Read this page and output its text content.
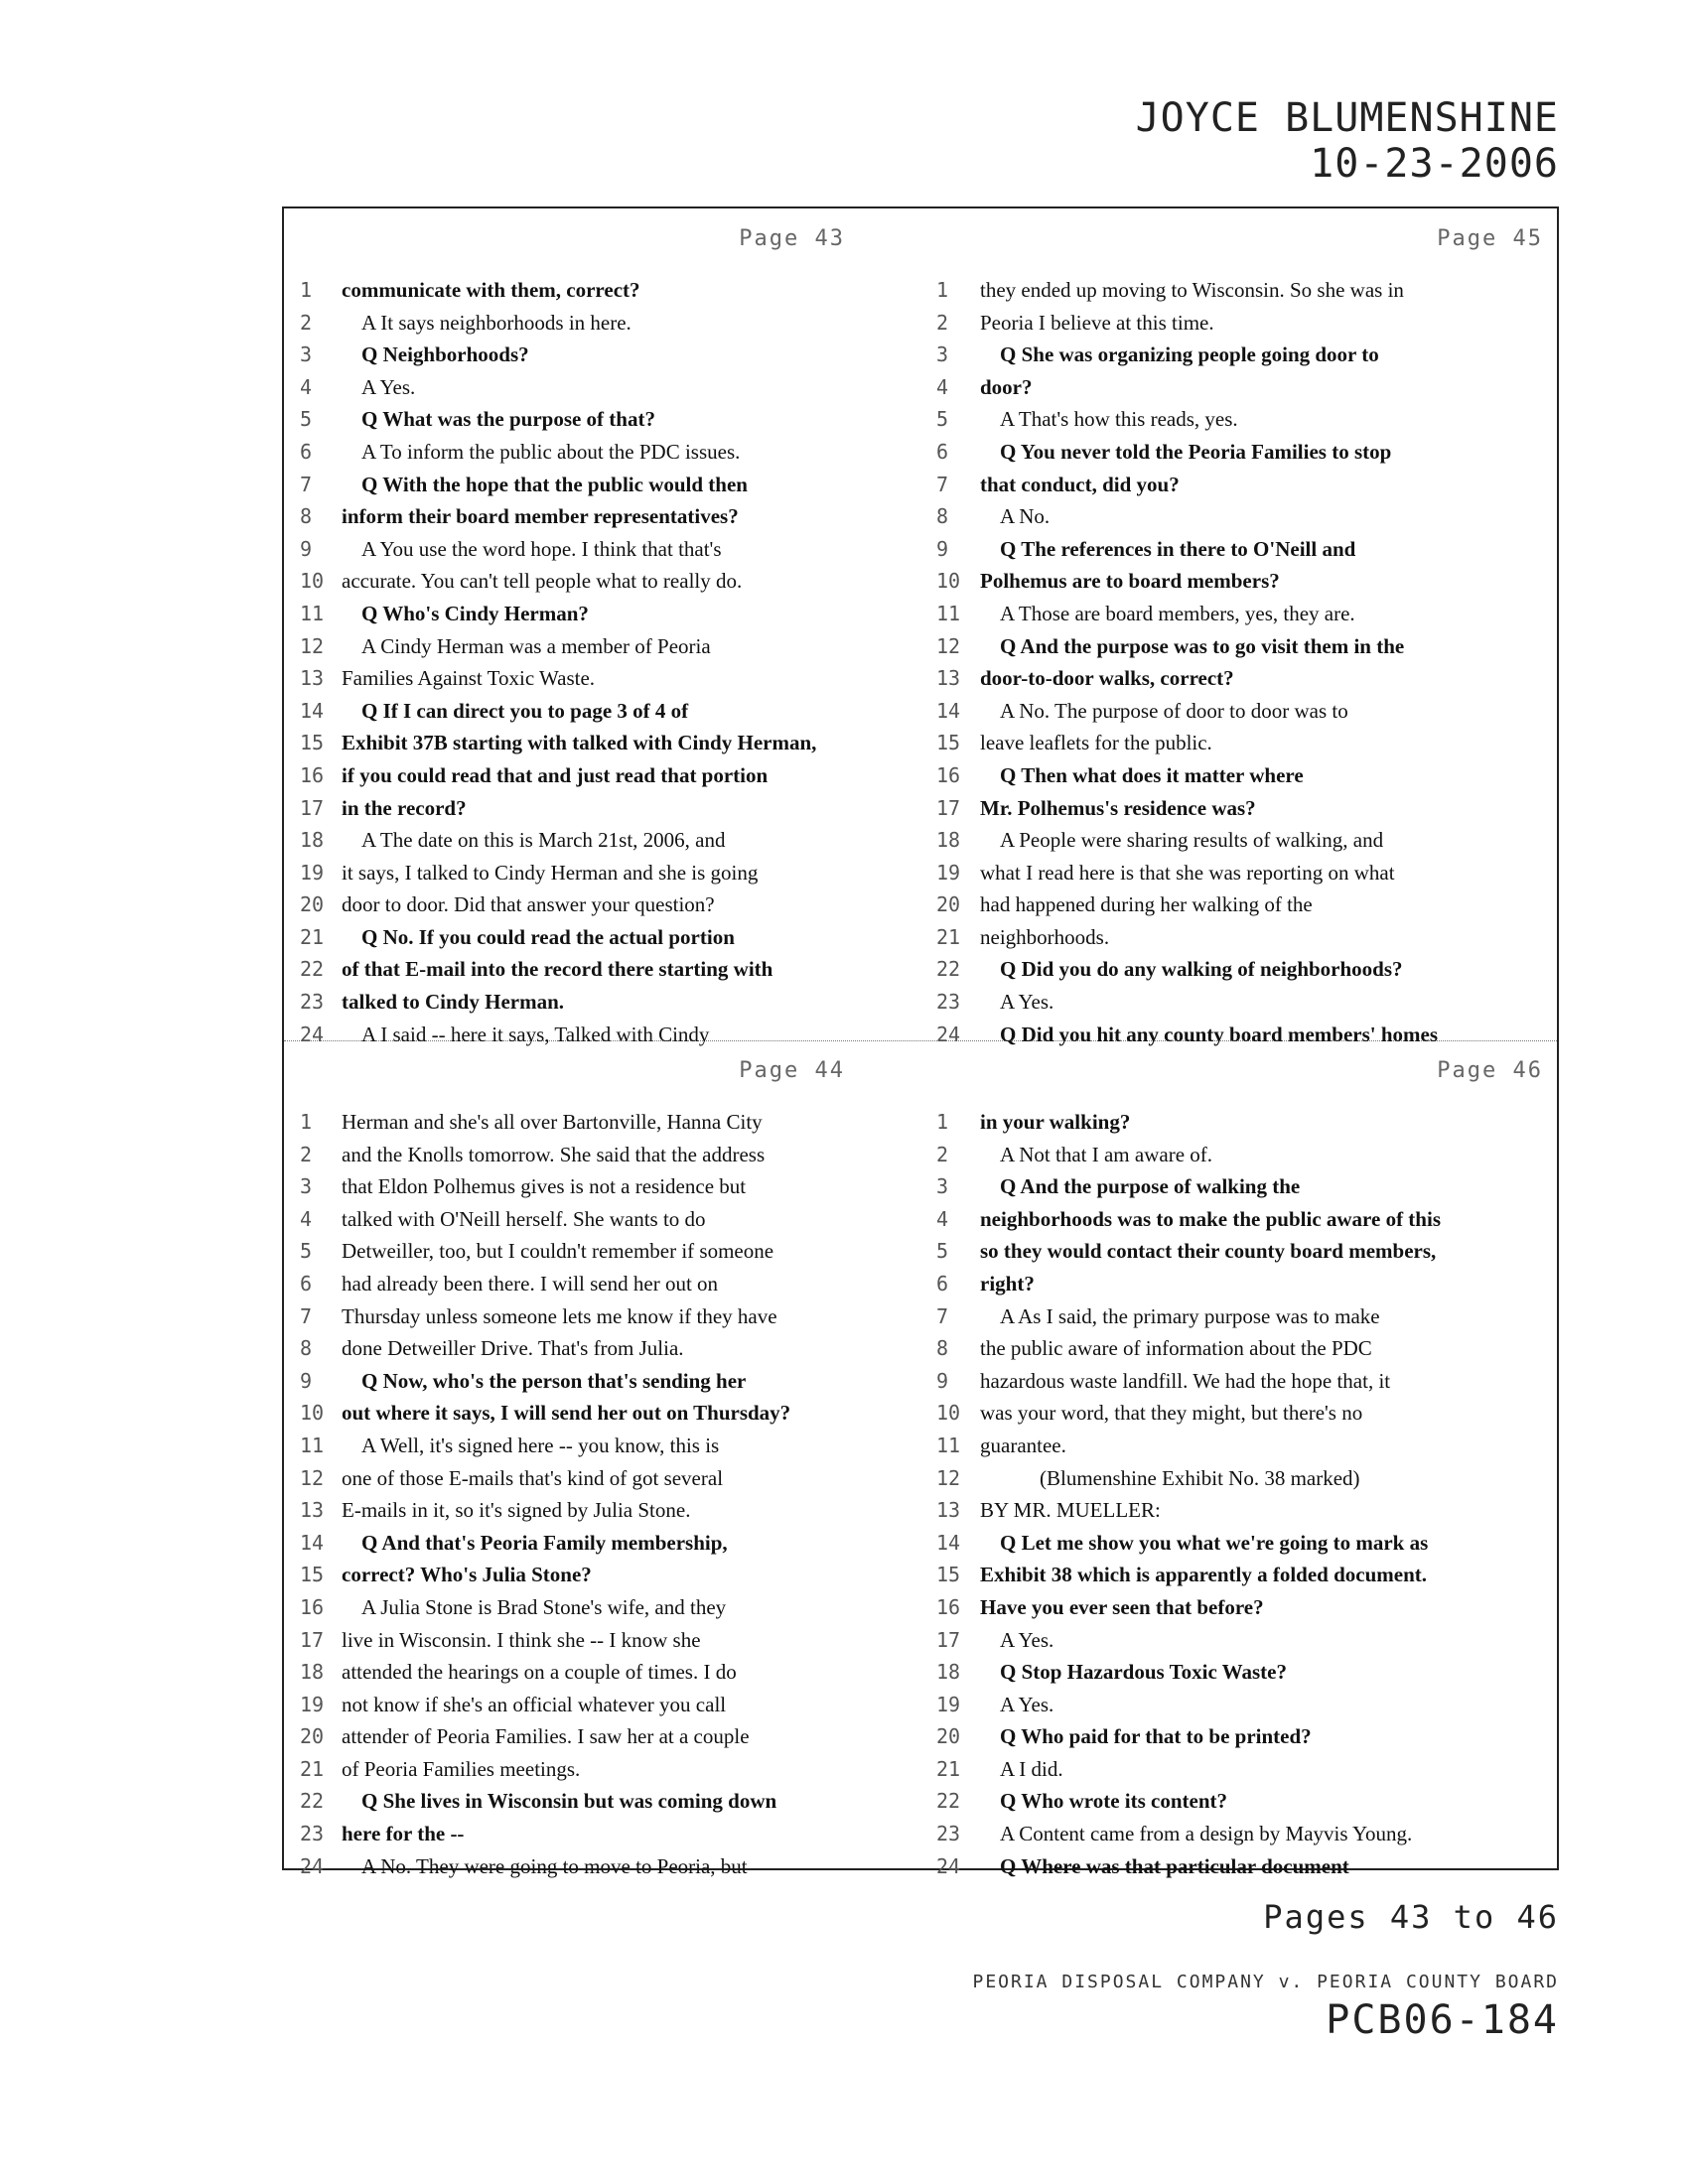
JOYCE BLUMENSHINE
10-23-2006
Page 43
1	communicate with them, correct?
2	A It says neighborhoods in here.
3	Q Neighborhoods?
4	A Yes.
5	Q What was the purpose of that?
6	A To inform the public about the PDC issues.
7	Q With the hope that the public would then
8	inform their board member representatives?
9	A You use the word hope. I think that that's
10 accurate. You can't tell people what to really do.
11	Q Who's Cindy Herman?
12	A Cindy Herman was a member of Peoria
13 Families Against Toxic Waste.
14	Q If I can direct you to page 3 of 4 of
15 Exhibit 37B starting with talked with Cindy Herman,
16 if you could read that and just read that portion
17 in the record?
18	A The date on this is March 21st, 2006, and
19 it says, I talked to Cindy Herman and she is going
20 door to door. Did that answer your question?
21	Q No. If you could read the actual portion
22 of that E-mail into the record there starting with
23 talked to Cindy Herman.
24	A I said -- here it says, Talked with Cindy
Page 45
1	they ended up moving to Wisconsin. So she was in
2	Peoria I believe at this time.
3	Q She was organizing people going door to
4	door?
5	A That's how this reads, yes.
6	Q You never told the Peoria Families to stop
7	that conduct, did you?
8	A No.
9	Q The references in there to O'Neill and
10 Polhemus are to board members?
11	A Those are board members, yes, they are.
12	Q And the purpose was to go visit them in the
13 door-to-door walks, correct?
14	A No. The purpose of door to door was to
15 leave leaflets for the public.
16	Q Then what does it matter where
17 Mr. Polhemus's residence was?
18	A People were sharing results of walking, and
19 what I read here is that she was reporting on what
20 had happened during her walking of the
21 neighborhoods.
22	Q Did you do any walking of neighborhoods?
23	A Yes.
24	Q Did you hit any county board members' homes
Page 44
1	Herman and she's all over Bartonville, Hanna City
2	and the Knolls tomorrow. She said that the address
3	that Eldon Polhemus gives is not a residence but
4	talked with O'Neill herself. She wants to do
5	Detweiller, too, but I couldn't remember if someone
6	had already been there. I will send her out on
7	Thursday unless someone lets me know if they have
8	done Detweiller Drive. That's from Julia.
9	Q Now, who's the person that's sending her
10 out where it says, I will send her out on Thursday?
11	A Well, it's signed here -- you know, this is
12 one of those E-mails that's kind of got several
13 E-mails in it, so it's signed by Julia Stone.
14	Q And that's Peoria Family membership,
15 correct? Who's Julia Stone?
16	A Julia Stone is Brad Stone's wife, and they
17 live in Wisconsin. I think she -- I know she
18 attended the hearings on a couple of times. I do
19 not know if she's an official whatever you call
20 attender of Peoria Families. I saw her at a couple
21 of Peoria Families meetings.
22	Q She lives in Wisconsin but was coming down
23 here for the --
24	A No. They were going to move to Peoria, but
Page 46
1	in your walking?
2	A Not that I am aware of.
3	Q And the purpose of walking the
4	neighborhoods was to make the public aware of this
5	so they would contact their county board members,
6	right?
7	A As I said, the primary purpose was to make
8	the public aware of information about the PDC
9	hazardous waste landfill. We had the hope that, it
10 was your word, that they might, but there's no
11 guarantee.
12	(Blumenshine Exhibit No. 38 marked)
13 BY MR. MUELLER:
14	Q Let me show you what we're going to mark as
15 Exhibit 38 which is apparently a folded document.
16 Have you ever seen that before?
17	A Yes.
18	Q Stop Hazardous Toxic Waste?
19	A Yes.
20	Q Who paid for that to be printed?
21	A I did.
22	Q Who wrote its content?
23	A Content came from a design by Mayvis Young.
24	Q Where was that particular document
Pages 43 to 46
PEORIA DISPOSAL COMPANY v. PEORIA COUNTY BOARD
PCB06-184
